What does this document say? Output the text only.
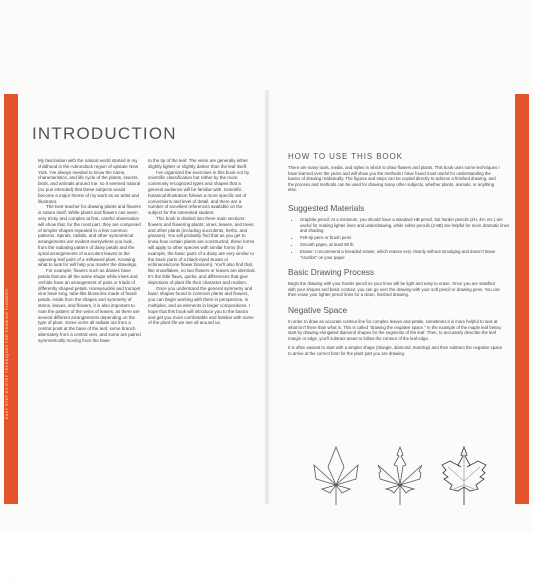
EASY STEP-BY-STEP TECHNIQUES FOR DRAWING FLOWERS
6	7
INTRODUCTION

My fascination with the natural world started in my childhood in the Adirondack region of upstate New York. I've always needed to know the name, characteristics, and life cycle of the plants, insects, birds, and animals around me, so it seemed natural (no pun intended) that these subjects would become a major theme of my work as an artist and illustrator.

The best teacher for drawing plants and flowers is nature itself. While plants and flowers can seem very tricky and complex at first, careful observation will show that, for the most part, they are composed of simpler shapes repeated in a few common patterns. Spirals, radials, and other symmetrical arrangements are evident everywhere you look, from the radiating pattern of daisy petals and the spiral arrangements of succulent leaves to the opposing leaf pairs of a milkweed plant. Knowing what to look for will help you master the drawings.

For example, flowers such as daisies have petals that are all the same shape while irises and orchids have an arrangement of pairs or triads of differently shaped petals. Honeysuckle and trumpet vine have long, tube-like blossoms made of fused petals. Aside from the shapes and symmetry of stems, leaves, and flowers, it is also important to note the pattern of the veins of leaves, as there are several different arrangements depending on the type of plant. Some veins all radiate out from a central point at the base of the leaf, some branch alternately from a central vein, and some are paired symmetrically moving from the base

to the tip of the leaf. The veins are generally either slightly lighter or slightly darker than the leaf itself.

I've organized the exercises in this book not by scientific classification but rather by the more commonly recognized types and shapes that a general audience will be familiar with. Scientific botanical illustration follows a more specific set of conventions and level of detail, and there are a number of excellent references available on the subject for the interested student.

This book is divided into three main sections: flowers and flowering plants; vines, leaves, and trees; and other plants (including succulents, herbs, and grasses). You will probably find that as you get to know how certain plants are constructed, these forms will apply to other species with similar forms (for example, the basic parts of a daisy are very similar to the basic parts of a black-eyed Susan or echinacea/cone flower blossom). You'll also find that, like snowflakes, no two flowers or leaves are identical. It's the little flaws, quirks, and differences that give depictions of plant life their character and realism.

Once you understand the general symmetry and basic shapes found in common plants and flowers, you can begin working with them in perspective, in multiples, and as elements in larger compositions. I hope that this book will introduce you to the basics and get you more comfortable and familiar with some of the plant life we see all around us.

HOW TO USE THIS BOOK

There are many tools, media, and styles in which to draw flowers and plants. This book uses some techniques I have learned over the years and will show you the methods I have found most useful for understanding the basics of drawing realistically. The figures and steps can be copied directly to achieve a finished drawing, and the process and methods can be used for drawing many other subjects, whether plants, animals, or anything else.

Suggested Materials
• Graphite pencil: At a minimum, you should have a standard HB pencil, but harder pencils (2H, 4H, etc.) are useful for making lighter lines and underdrawing, while softer pencils (2-6B) are helpful for more dramatic lines and shading
• Felt-tip pens or brush pens
• Smooth paper, at least 80 lb
• Eraser: I recommend a kneaded eraser, which erases very cleanly without smudging and doesn't leave "crumbs" on your paper.
Basic Drawing Process

Begin the drawing with your harder pencil so your lines will be light and easy to erase. Once you are satisfied with your shapes and basic contour, you can go over the drawing with your soft pencil or drawing pens. You can then erase your lighter pencil lines for a clean, finished drawing.

Negative Space

In order to draw an accurate contour line for complex leaves and petals, sometimes it is more helpful to look at what isn't there than what is. This is called "drawing the negative space." In the example of the maple leaf below, start by drawing elongated diamond shapes for the segments of the leaf. Then, to accurately describe the leaf margin or edge, you'll subtract areas to follow the contour of the leaf edge.

It is often easiest to start with a simpler shape (triangle, diamond, teardrop) and then subtract the negative space to arrive at the correct form for the plant part you are drawing.
